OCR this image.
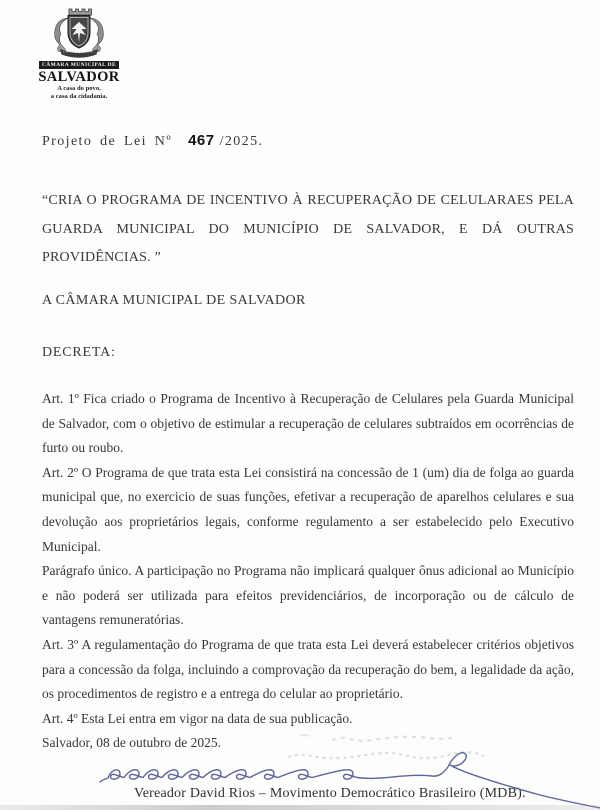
CÂMARA MUNICIPAL DE
SALVADOR
A casa do povo,
a casa da cidadania.
Projeto de Lei Nº 467 /2025.
“CRIA O PROGRAMA DE INCENTIVO À RECUPERAÇÃO DE CELULARAES PELA
GUARDA MUNICIPAL DO MUNICÍPIO DE SALVADOR, E DÁ OUTRAS
PROVIDÊNCIAS. ”
A CÂMARA MUNICIPAL DE SALVADOR
DECRETA:

Art. 1º Fica criado o Programa de Incentivo à Recuperação de Celulares pela Guarda Municipal de Salvador, com o objetivo de estimular a recuperação de celulares subtraídos em ocorrências de furto ou roubo.

Art. 2º O Programa de que trata esta Lei consistirá na concessão de 1 (um) dia de folga ao guarda municipal que, no exercicio de suas funções, efetivar a recuperação de aparelhos celulares e sua devolução aos proprietários legais, conforme regulamento a ser estabelecido pelo Executivo Municipal.

Parágrafo único. A participação no Programa não implicará qualquer ônus adicional ao Município e não poderá ser utilizada para efeitos previdenciários, de incorporação ou de cálculo de vantagens remuneratórias.

Art. 3º A regulamentação do Programa de que trata esta Lei deverá estabelecer critérios objetivos para a concessão da folga, incluindo a comprovação da recuperação do bem, a legalidade da ação, os procedimentos de registro e a entrega do celular ao proprietário.

Art. 4º Esta Lei entra em vigor na data de sua publicação.

Salvador, 08 de outubro de 2025.

Vereador David Rios – Movimento Democrático Brasileiro (MDB).
